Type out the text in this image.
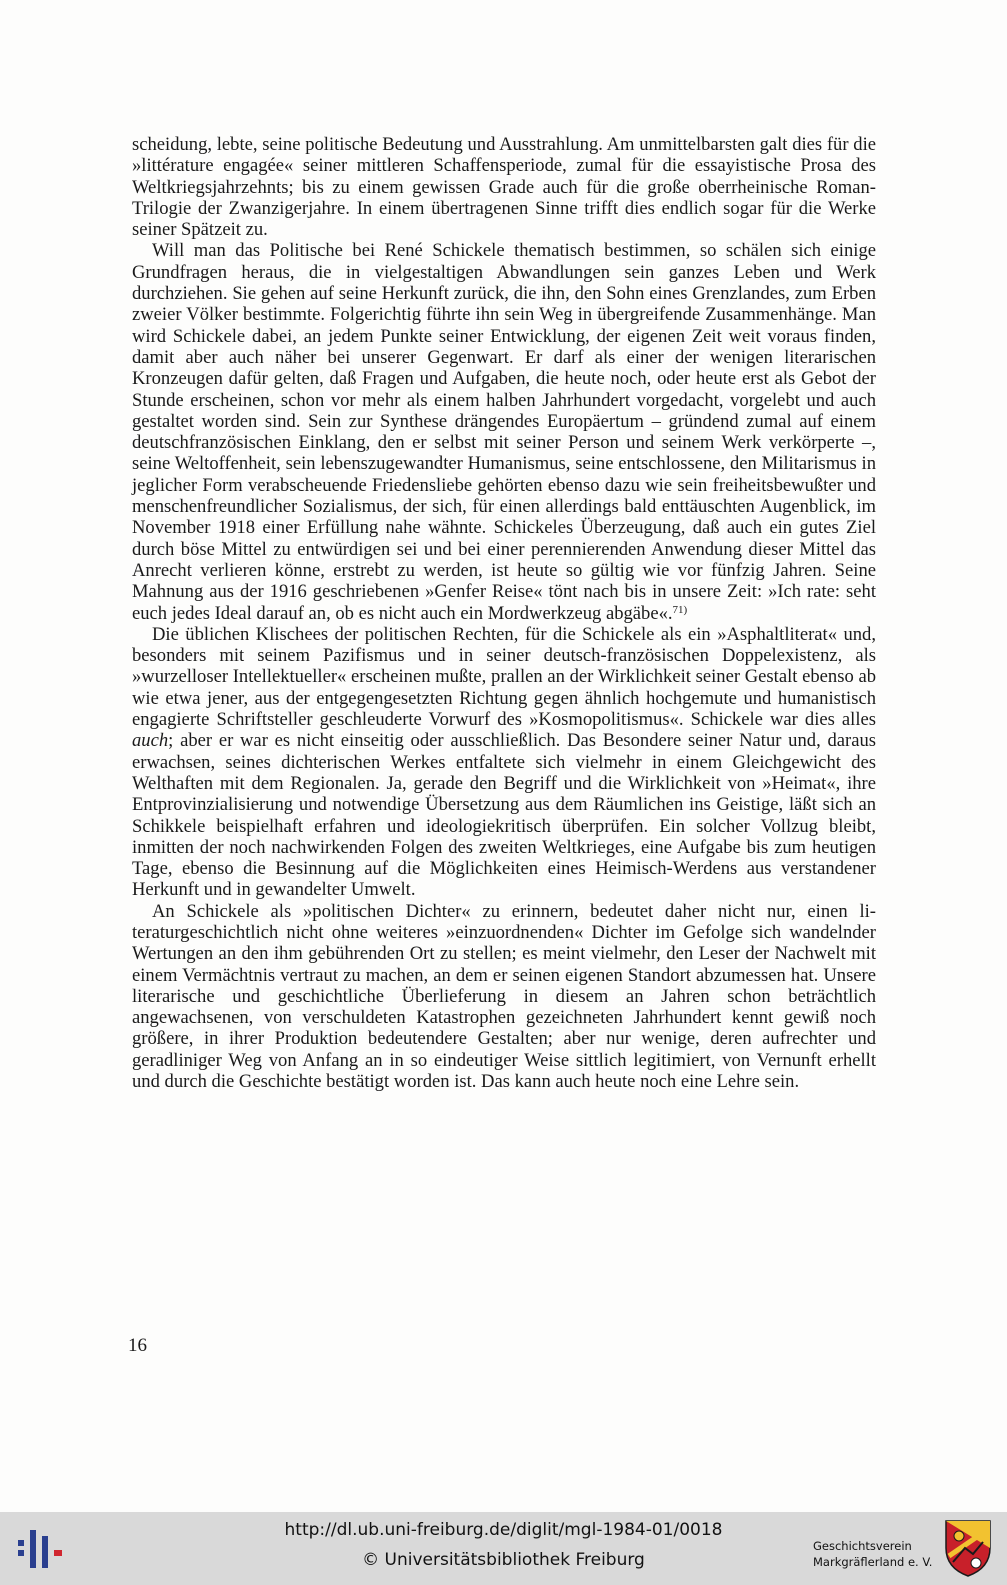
scheidung, lebte, seine politische Bedeutung und Ausstrahlung. Am unmittelbarsten galt dies für die »littérature engagée« seiner mittleren Schaffensperiode, zumal für die essayistische Prosa des Weltkriegsjahrzehnts; bis zu einem gewissen Grade auch für die große oberrheinische Roman-Trilogie der Zwanzigerjahre. In einem übertragenen Sinne trifft dies endlich sogar für die Werke seiner Spätzeit zu.

Will man das Politische bei René Schickele thematisch bestimmen, so schälen sich einige Grundfragen heraus, die in vielgestaltigen Abwandlungen sein ganzes Leben und Werk durchziehen. Sie gehen auf seine Herkunft zurück, die ihn, den Sohn eines Grenzlandes, zum Erben zweier Völker bestimmte. Folgerichtig führte ihn sein Weg in übergreifende Zusammenhänge. Man wird Schickele dabei, an jedem Punkte seiner Entwicklung, der eigenen Zeit weit voraus finden, damit aber auch näher bei unserer Gegenwart. Er darf als einer der wenigen literarischen Kronzeugen dafür gelten, daß Fragen und Aufgaben, die heute noch, oder heute erst als Gebot der Stunde erscheinen, schon vor mehr als einem halben Jahrhundert vorgedacht, vorgelebt und auch gestaltet worden sind. Sein zur Synthese drängendes Europäertum – gründend zumal auf einem deutschfranzösischen Einklang, den er selbst mit seiner Person und seinem Werk verkörperte –, seine Weltoffenheit, sein lebenszugewandter Humanismus, seine entschlossene, den Militarismus in jeglicher Form verabscheuende Friedensliebe gehörten ebenso dazu wie sein freiheitsbewußter und menschenfreundlicher Sozialismus, der sich, für einen allerdings bald enttäuschten Augenblick, im November 1918 einer Erfüllung nahe wähnte. Schickeles Überzeugung, daß auch ein gutes Ziel durch böse Mittel zu entwürdigen sei und bei einer perennierenden Anwendung dieser Mittel das Anrecht verlieren könne, erstrebt zu werden, ist heute so gültig wie vor fünfzig Jahren. Seine Mahnung aus der 1916 geschriebenen »Genfer Reise« tönt nach bis in unsere Zeit: »Ich rate: seht euch jedes Ideal darauf an, ob es nicht auch ein Mordwerkzeug abgäbe«.$^{71)}$

Die üblichen Klischees der politischen Rechten, für die Schickele als ein »Asphaltliterat« und, besonders mit seinem Pazifismus und in seiner deutsch-französischen Doppelexistenz, als »wurzelloser Intellektueller« erscheinen mußte, prallen an der Wirklichkeit seiner Gestalt ebenso ab wie etwa jener, aus der entgegengesetzten Richtung gegen ähnlich hochgemute und humanistisch engagierte Schriftsteller geschleuderte Vorwurf des »Kosmopolitismus«. Schickele war dies alles auch; aber er war es nicht einseitig oder ausschließlich. Das Besondere seiner Natur und, daraus erwachsen, seines dichterischen Werkes entfaltete sich vielmehr in einem Gleichgewicht des Welthaften mit dem Regionalen. Ja, gerade den Begriff und die Wirklichkeit von »Heimat«, ihre Entprovinzialisierung und notwendige Übersetzung aus dem Räumlichen ins Geistige, läßt sich an Schikkele beispielhaft erfahren und ideologiekritisch überprüfen. Ein solcher Vollzug bleibt, inmitten der noch nachwirkenden Folgen des zweiten Weltkrieges, eine Aufgabe bis zum heutigen Tage, ebenso die Besinnung auf die Möglichkeiten eines Heimisch-Werdens aus verstandener Herkunft und in gewandelter Umwelt.

An Schickele als »politischen Dichter« zu erinnern, bedeutet daher nicht nur, einen literaturgeschichtlich nicht ohne weiteres »einzuordnenden« Dichter im Gefolge sich wandelnder Wertungen an den ihm gebührenden Ort zu stellen; es meint vielmehr, den Leser der Nachwelt mit einem Vermächtnis vertraut zu machen, an dem er seinen eigenen Standort abzumessen hat. Unsere literarische und geschichtliche Überlieferung in diesem an Jahren schon beträchtlich angewachsenen, von verschuldeten Katastrophen gezeichneten Jahrhundert kennt gewiß noch größere, in ihrer Produktion bedeutendere Gestalten; aber nur wenige, deren aufrechter und geradliniger Weg von Anfang an in so eindeutiger Weise sittlich legitimiert, von Vernunft erhellt und durch die Geschichte bestätigt worden ist. Das kann auch heute noch eine Lehre sein.

16
http://dl.ub.uni-freiburg.de/diglit/mgl-1984-01/0018
© Universitätsbibliothek Freiburg
Geschichtsverein
Markgräflerland e. V.
